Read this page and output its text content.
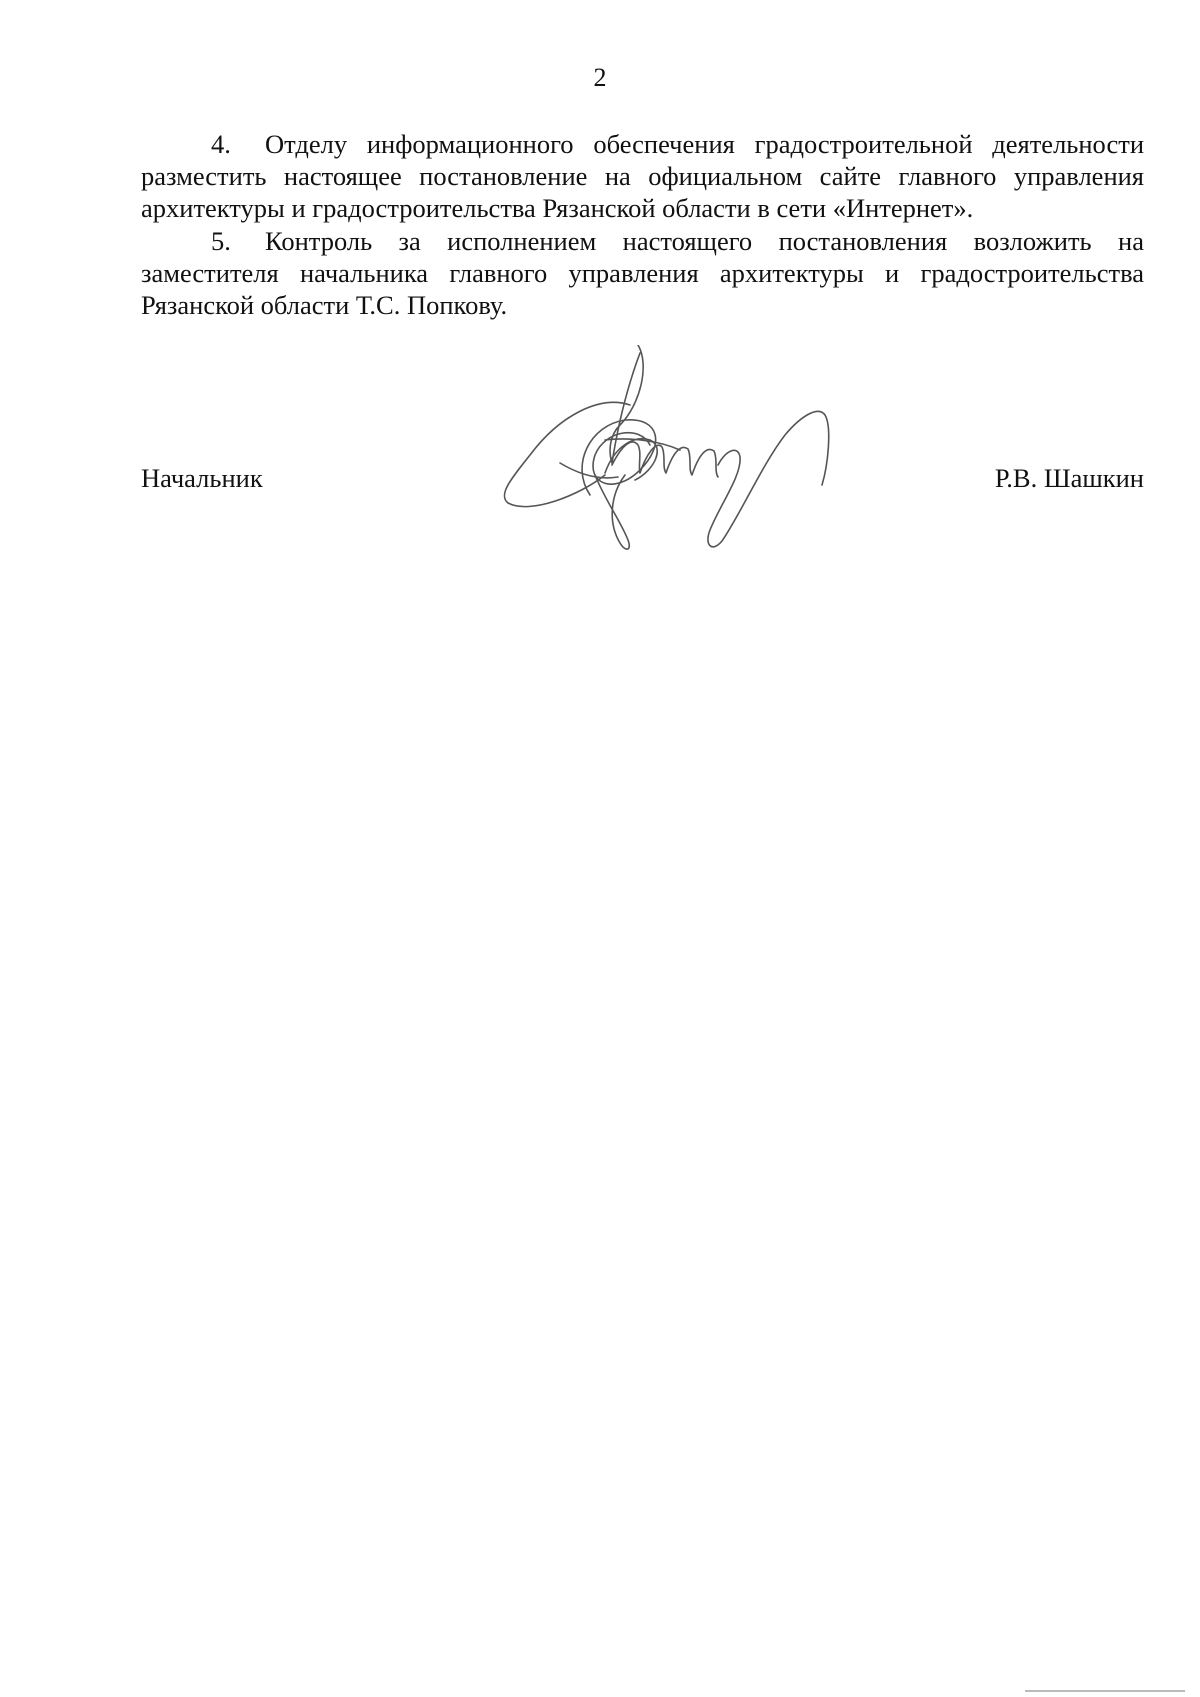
2

4. Отделу информационного обеспечения градостроительной деятельности разместить настоящее постановление на официальном сайте главного управления архитектуры и градостроительства Рязанской области в сети «Интернет».

5. Контроль за исполнением настоящего постановления возложить на заместителя начальника главного управления архитектуры и градостроительства Рязанской области Т.С. Попкову.

Начальник	Р.В. Шашкин
